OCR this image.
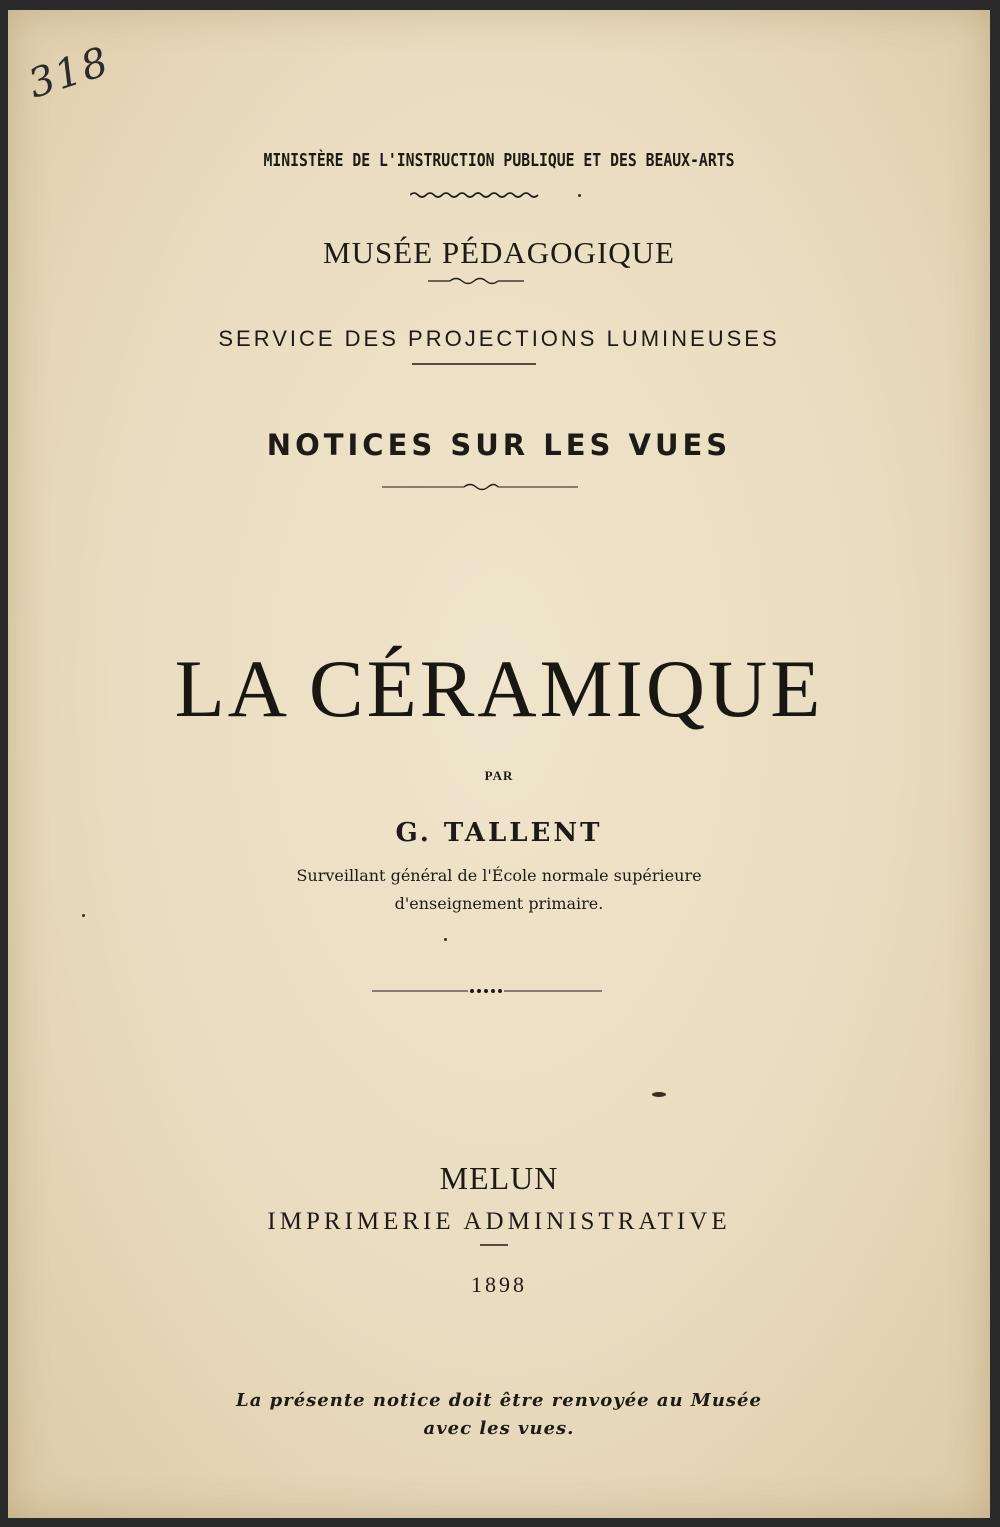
318
MINISTÈRE DE L'INSTRUCTION PUBLIQUE ET DES BEAUX-ARTS
MUSÉE PÉDAGOGIQUE
SERVICE DES PROJECTIONS LUMINEUSES
NOTICES SUR LES VUES
LA CÉRAMIQUE
PAR
G. TALLENT
Surveillant général de l'École normale supérieure
d'enseignement primaire.
MELUN
IMPRIMERIE ADMINISTRATIVE
1898
La présente notice doit être renvoyée au Musée
avec les vues.
